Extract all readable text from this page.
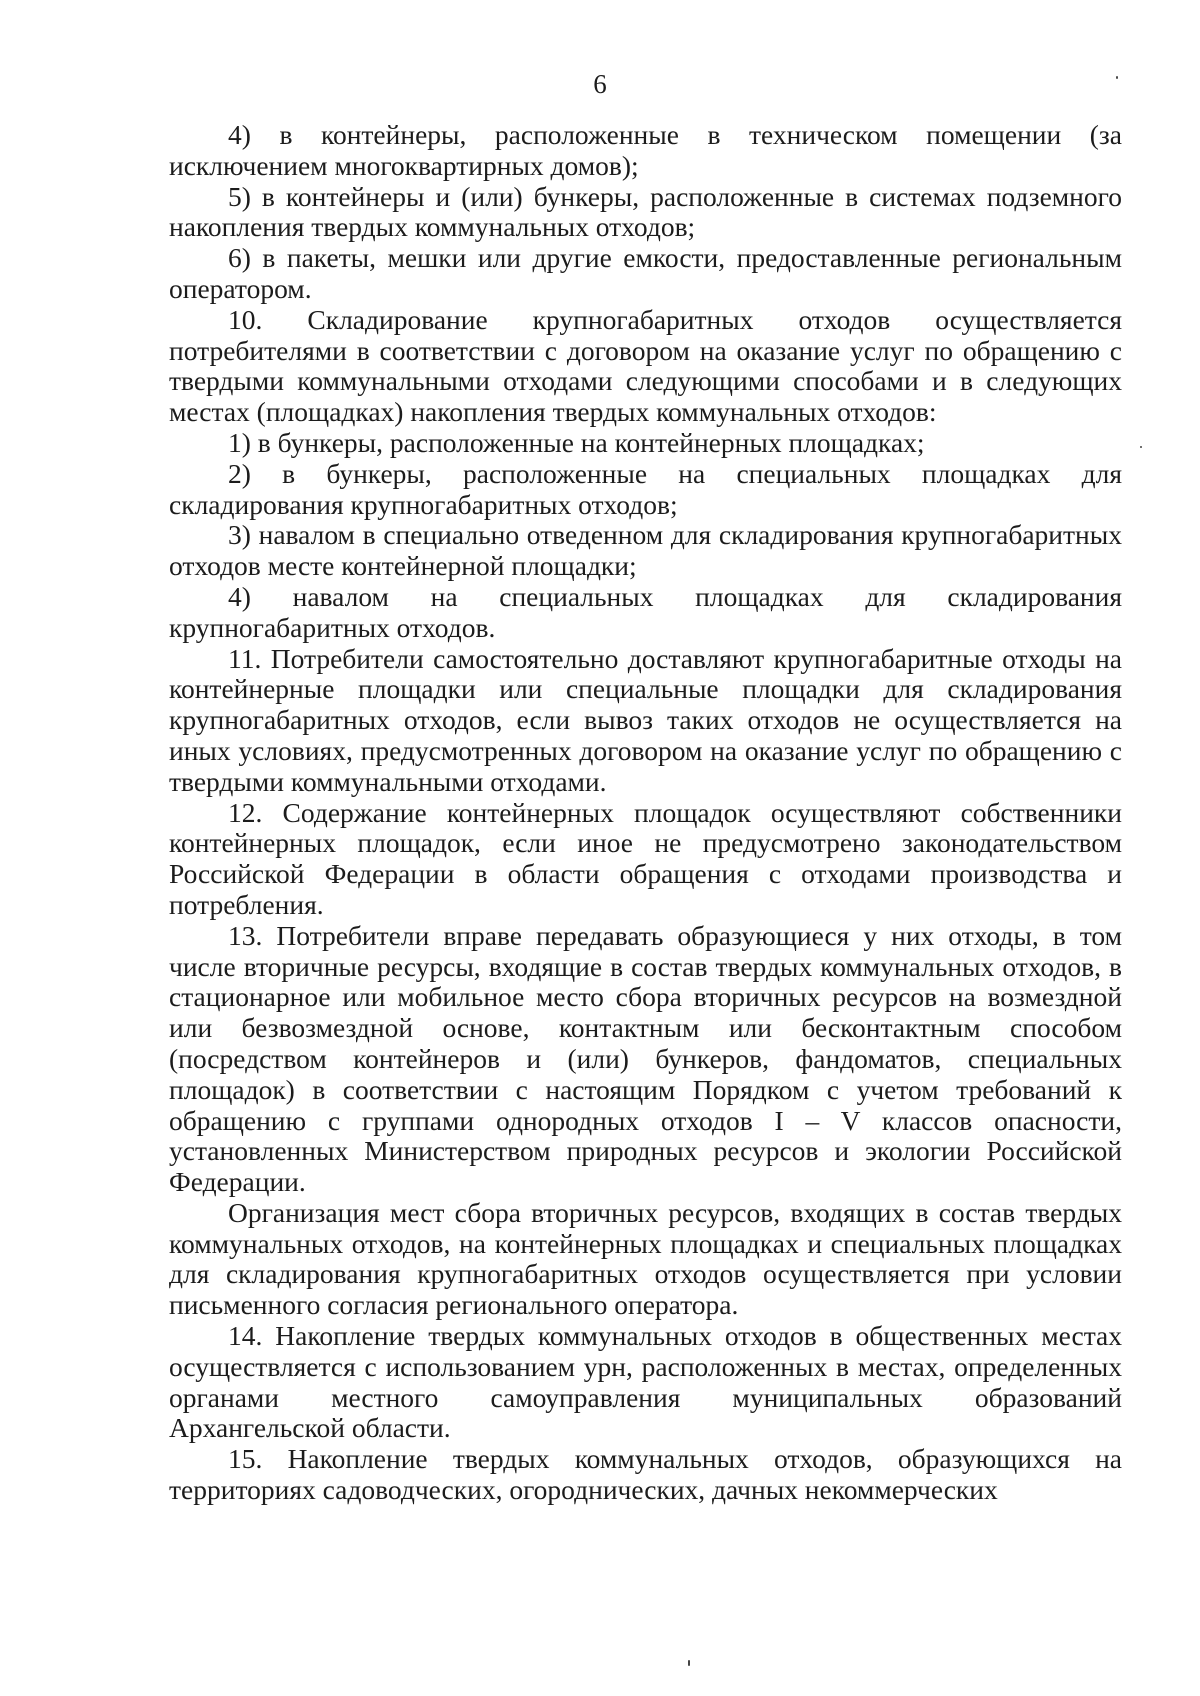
6

4) в контейнеры, расположенные в техническом помещении (за исключением многоквартирных домов);

5) в контейнеры и (или) бункеры, расположенные в системах подземного накопления твердых коммунальных отходов;

6) в пакеты, мешки или другие емкости, предоставленные региональным оператором.

10. Складирование крупногабаритных отходов осуществляется потребителями в соответствии с договором на оказание услуг по обращению с твердыми коммунальными отходами следующими способами и в следующих местах (площадках) накопления твердых коммунальных отходов:

1) в бункеры, расположенные на контейнерных площадках;

2) в бункеры, расположенные на специальных площадках для складирования крупногабаритных отходов;

3) навалом в специально отведенном для складирования крупногабаритных отходов месте контейнерной площадки;

4) навалом на специальных площадках для складирования крупногабаритных отходов.

11. Потребители самостоятельно доставляют крупногабаритные отходы на контейнерные площадки или специальные площадки для складирования крупногабаритных отходов, если вывоз таких отходов не осуществляется на иных условиях, предусмотренных договором на оказание услуг по обращению с твердыми коммунальными отходами.

12. Содержание контейнерных площадок осуществляют собственники контейнерных площадок, если иное не предусмотрено законодательством Российской Федерации в области обращения с отходами производства и потребления.

13. Потребители вправе передавать образующиеся у них отходы, в том числе вторичные ресурсы, входящие в состав твердых коммунальных отходов, в стационарное или мобильное место сбора вторичных ресурсов на возмездной или безвозмездной основе, контактным или бесконтактным способом (посредством контейнеров и (или) бункеров, фандоматов, специальных площадок) в соответствии с настоящим Порядком с учетом требований к обращению с группами однородных отходов I – V классов опасности, установленных Министерством природных ресурсов и экологии Российской Федерации.

Организация мест сбора вторичных ресурсов, входящих в состав твердых коммунальных отходов, на контейнерных площадках и специальных площадках для складирования крупногабаритных отходов осуществляется при условии письменного согласия регионального оператора.

14. Накопление твердых коммунальных отходов в общественных местах осуществляется с использованием урн, расположенных в местах, определенных органами местного самоуправления муниципальных образований Архангельской области.

15. Накопление твердых коммунальных отходов, образующихся на территориях садоводческих, огороднических, дачных некоммерческих
